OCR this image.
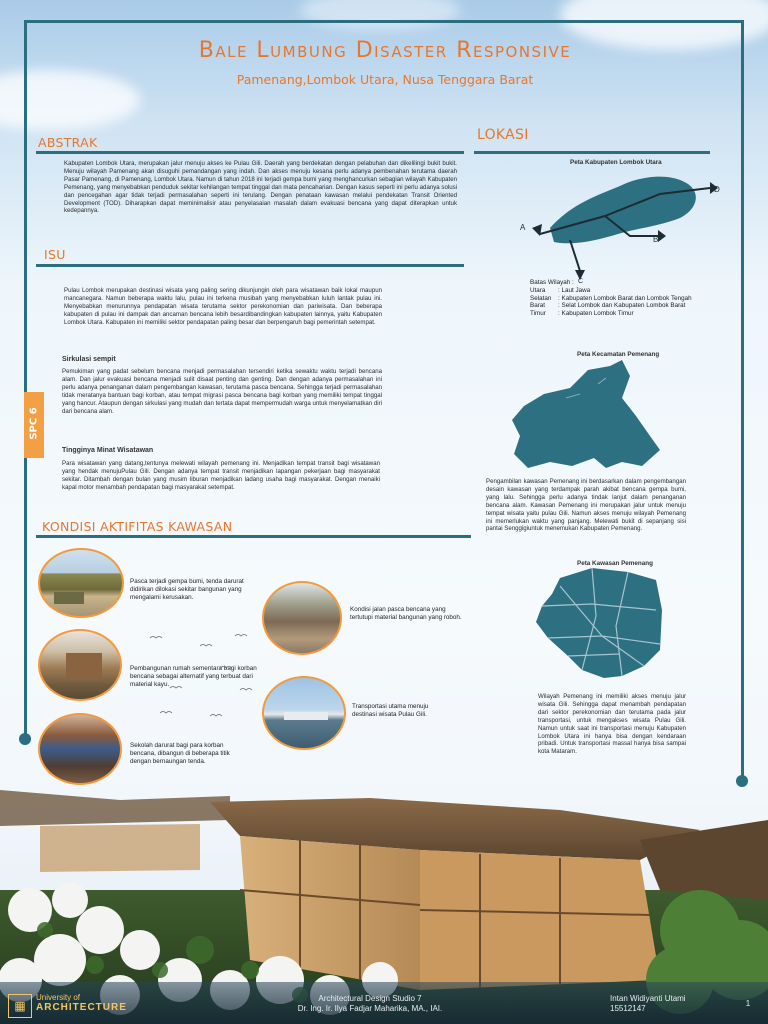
SPC 6
Bale Lumbung Disaster Responsive
Pamenang,Lombok Utara, Nusa Tenggara Barat
ABSTRAK
Kabupaten Lombok Utara, merupakan jalur menuju akses ke Pulau Gili. Daerah yang berdekatan dengan pelabuhan dan dikelilingi bukit bukit. Menuju wilayah Pamenang akan disuguhi pemandangan yang indah. Dan akses menuju kesana perlu adanya pembenahan terutama daerah Pasar Pamenang, di Pamenang, Lombok Utara. Namun di tahun 2018 ini terjadi gempa bumi yang menghancurkan sebagian wilayah Kabupaten Pemenang, yang menyebabkan penduduk sekitar kehilangan tempat tinggal dan mata pencaharian. Dengan kasus seperti ini perlu adanya solusi dan pencegahan agar tidak terjadi permasalahan seperti ini terulang. Dengan penataan kawasan melalui pendekatan Transit Oriented Development (TOD). Diharapkan dapat meminimalisir atau penyelasaian masalah dalam evakuasi bencana yang dapat diterapkan untuk kedepannya.
ISU
Pulau Lombok merupakan destinasi wisata yang paling sering dikunjungin oleh para wisatawan baik lokal maupun mancanegara. Namun beberapa waktu lalu, pulau ini terkena musibah yang menyebabkan luluh lantak pulau ini. Menyebabkan menurunnya pendapatan wisata terutama sektor perekonomian dan pariwisata. Dan beberapa kabupaten di pulau ini dampak dan ancaman bencana lebih besardibandingkan kabupaten lainnya, yaitu Kabupaten Lombok Utara. Kabupaten ini memiliki sektor pendapatan paling besar dan berpengaruh bagi pemerintah setempat.
Sirkulasi sempit
Pemukiman yang padat sebelum bencana menjadi permasalahan tersendiri ketika sewaktu waktu terjadi bencana alam. Dan jalur evakuasi bencana menjadi sulit disaat penting dan genting. Dan dengan adanya permasalahan ini perlu adanya penanganan dalam pengembangan kawasan, terutama pasca bencana. Sehingga terjadi permasalahan tidak meratanya bantuan bagi korban, atau tempat migrasi pasca bencana bagi korban yang memiliki tempat tinggal yang hancur. Ataupun dengan sirkulasi yang mudah dan tertata dapat mempermudah warga untuk menyelamatkan diri dari bencana alam.
Tingginya Minat Wisatawan
Para wisatawan yang datang,tentunya melewati wilayah pemenang ini. Menjadikan tempat transit bagi wisatawan yang hendak menujuPulau Gili. Dengan adanya tempat transit menjadikan lapangan pekerjaan bagi masyarakat sekitar. Ditambah dengan bulan yang musim liburan menjadikan ladang usaha bagi masyarakat. Dengan menaiki kapal motor menambah pendapatan bagi masyarakat setempat.
KONDISI AKTIFITAS KAWASAN
Pasca terjadi gempa bumi, tenda darurat didirikan dilokasi sekitar bangunan yang mengalami kerusakan.
Kondisi jalan pasca bencana yang tertutupi material bangunan yang roboh.
Pembangunan rumah sementara bagi korban bencana sebagai alternatif yang terbuat dari material kayu.
Transportasi utama menuju destinasi wisata Pulau Gili.
Sekolah darurat bagi para korban bencana, dibangun di beberapa titik dengan bernaungan tenda.
LOKASI
Peta Kabupaten Lombok Utara
A
B
C
D
Batas Wilayah :
Utara	: Laut Jawa
Selatan	: Kabupaten Lombok Barat dan Lombok Tengah
Barat	: Selat Lombok dan Kabupaten Lombok Barat
Timur	: Kabupaten Lombok Timur
Peta Kecamatan Pemenang
Pengambilan kawasan Pemenang ini berdasarkan dalam pengembangan desain kawasan yang terdampak parah akibat bencana gempa bumi, yang lalu. Sehingga perlu adanya tindak lanjut dalam penanganan bencana alam. Kawasan Pemenang ini merupakan jalur untuk menuju tempat wisata yaitu pulau Gili. Namun akses menuju wilayah Pemenang ini memerlukan waktu yang panjang. Melewati bukit di sepanjang sisi pantai Senggigiuntuk menemukan Kabupaten Pemenang.
Peta Kawasan Pemenang
Wilayah Pemenang ini memiliki akses menuju jalur wisata Gili. Sehingga dapat menambah pendapatan dari sektor perekonomian dan terutama pada jalur transportasi, untuk mengakses wisata Pulau Gili. Namun untuk saat ini transportasi menuju Kabupaten Lombok Utara ini hanya bisa dengan kendaraan pribadi. Untuk transportasi massal hanya bisa sampai kota Mataram.
▦
University of
ARCHITECTURE
Architectural Design Studio 7
Dr. Ing. Ir. Ilya Fadjar Maharika, MA., IAI.
Intan Widiyanti Utami
15512147
1
